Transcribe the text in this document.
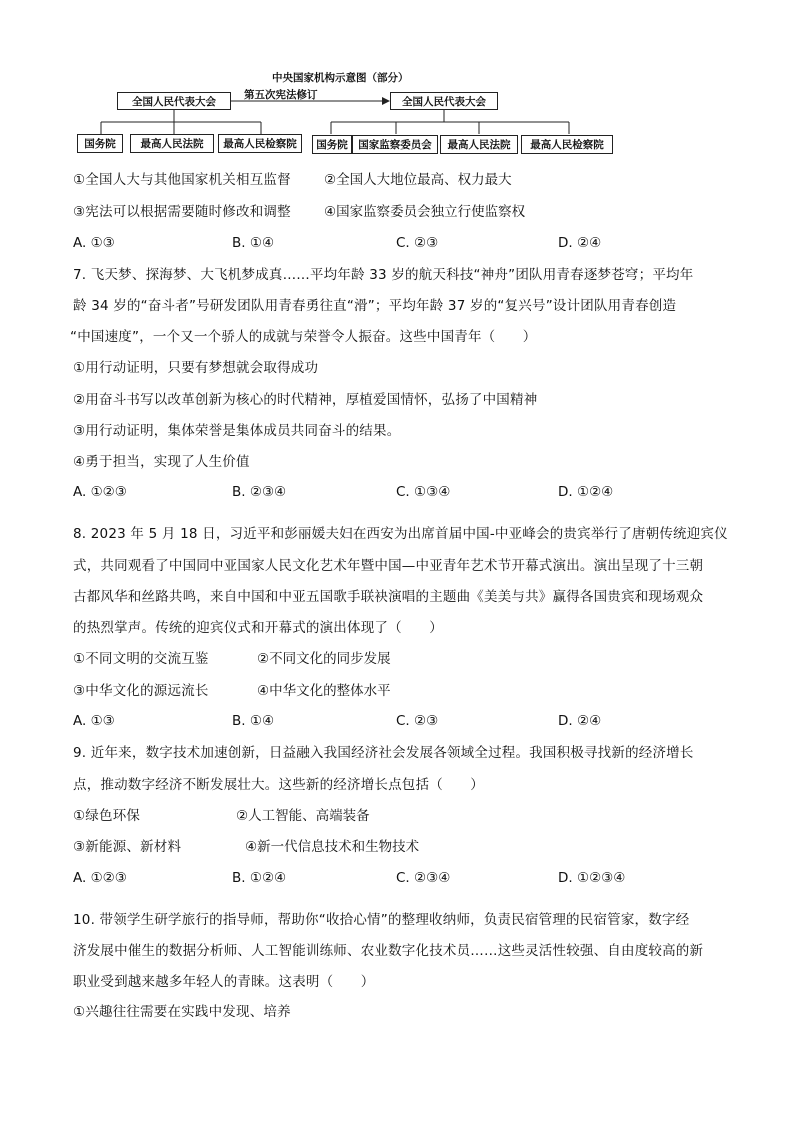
中央国家机构示意图（部分）
第五次宪法修订
全国人民代表大会
国务院	最高人民法院	最高人民检察院
全国人民代表大会
国务院	国家监察委员会	最高人民法院	最高人民检察院
①全国人大与其他国家机关相互监督 ②全国人大地位最高、权力最大
③宪法可以根据需要随时修改和调整 ④国家监察委员会独立行使监察权
A. ①③	B. ①④	C. ②③	D. ②④
7. 飞天梦、探海梦、大飞机梦成真……平均年龄 33 岁的航天科技“神舟”团队用青春逐梦苍穹；平均年
龄 34 岁的“奋斗者”号研发团队用青春勇往直“滑”；平均年龄 37 岁的“复兴号”设计团队用青春创造
“中国速度”，一个又一个骄人的成就与荣誉令人振奋。这些中国青年（　　）
①用行动证明，只要有梦想就会取得成功
②用奋斗书写以改革创新为核心的时代精神，厚植爱国情怀，弘扬了中国精神
③用行动证明，集体荣誉是集体成员共同奋斗的结果。
④勇于担当，实现了人生价值
A. ①②③	B. ②③④	C. ①③④	D. ①②④
8. 2023 年 5 月 18 日，习近平和彭丽媛夫妇在西安为出席首届中国-中亚峰会的贵宾举行了唐朝传统迎宾仪
式，共同观看了中国同中亚国家人民文化艺术年暨中国—中亚青年艺术节开幕式演出。演出呈现了十三朝
古都风华和丝路共鸣，来自中国和中亚五国歌手联袂演唱的主题曲《美美与共》赢得各国贵宾和现场观众
的热烈掌声。传统的迎宾仪式和开幕式的演出体现了（　　）
①不同文明的交流互鉴	②不同文化的同步发展
③中华文化的源远流长	④中华文化的整体水平
A. ①③	B. ①④	C. ②③	D. ②④
9. 近年来，数字技术加速创新，日益融入我国经济社会发展各领域全过程。我国积极寻找新的经济增长
点，推动数字经济不断发展壮大。这些新的经济增长点包括（　　）
①绿色环保	②人工智能、高端装备
③新能源、新材料	④新一代信息技术和生物技术
A. ①②③	B. ①②④	C. ②③④	D. ①②③④
10. 带领学生研学旅行的指导师，帮助你“收拾心情”的整理收纳师，负责民宿管理的民宿管家，数字经
济发展中催生的数据分析师、人工智能训练师、农业数字化技术员……这些灵活性较强、自由度较高的新
职业受到越来越多年轻人的青睐。这表明（　　）
①兴趣往往需要在实践中发现、培养
